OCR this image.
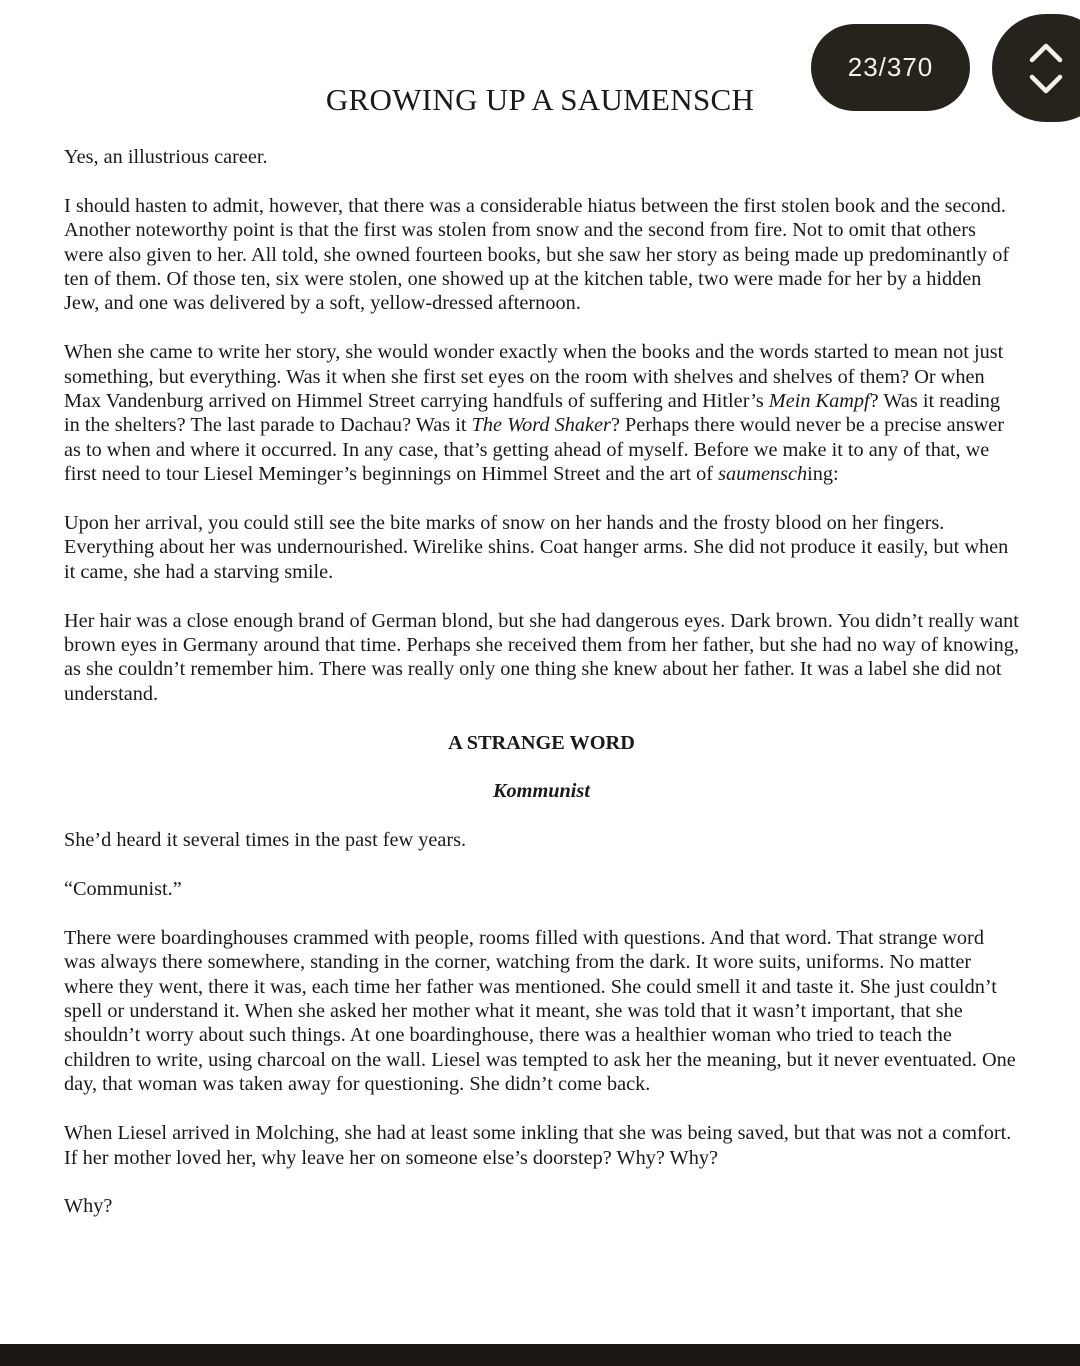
23/370
GROWING UP A SAUMENSCH

Yes, an illustrious career.

I should hasten to admit, however, that there was a considerable hiatus between the first stolen book and the second. Another noteworthy point is that the first was stolen from snow and the second from fire. Not to omit that others were also given to her. All told, she owned fourteen books, but she saw her story as being made up predominantly of ten of them. Of those ten, six were stolen, one showed up at the kitchen table, two were made for her by a hidden Jew, and one was delivered by a soft, yellow-dressed afternoon.

When she came to write her story, she would wonder exactly when the books and the words started to mean not just something, but everything. Was it when she first set eyes on the room with shelves and shelves of them? Or when Max Vandenburg arrived on Himmel Street carrying handfuls of suffering and Hitler’s Mein Kampf? Was it reading in the shelters? The last parade to Dachau? Was it The Word Shaker? Perhaps there would never be a precise answer as to when and where it occurred. In any case, that’s getting ahead of myself. Before we make it to any of that, we first need to tour Liesel Meminger’s beginnings on Himmel Street and the art of saumensching:

Upon her arrival, you could still see the bite marks of snow on her hands and the frosty blood on her fingers. Everything about her was undernourished. Wirelike shins. Coat hanger arms. She did not produce it easily, but when it came, she had a starving smile.

Her hair was a close enough brand of German blond, but she had dangerous eyes. Dark brown. You didn’t really want brown eyes in Germany around that time. Perhaps she received them from her father, but she had no way of knowing, as she couldn’t remember him. There was really only one thing she knew about her father. It was a label she did not understand.

A STRANGE WORD

Kommunist

She’d heard it several times in the past few years.

“Communist.”

There were boardinghouses crammed with people, rooms filled with questions. And that word. That strange word was always there somewhere, standing in the corner, watching from the dark. It wore suits, uniforms. No matter where they went, there it was, each time her father was mentioned. She could smell it and taste it. She just couldn’t spell or understand it. When she asked her mother what it meant, she was told that it wasn’t important, that she shouldn’t worry about such things. At one boardinghouse, there was a healthier woman who tried to teach the children to write, using charcoal on the wall. Liesel was tempted to ask her the meaning, but it never eventuated. One day, that woman was taken away for questioning. She didn’t come back.

When Liesel arrived in Molching, she had at least some inkling that she was being saved, but that was not a comfort. If her mother loved her, why leave her on someone else’s doorstep? Why? Why?

Why?
